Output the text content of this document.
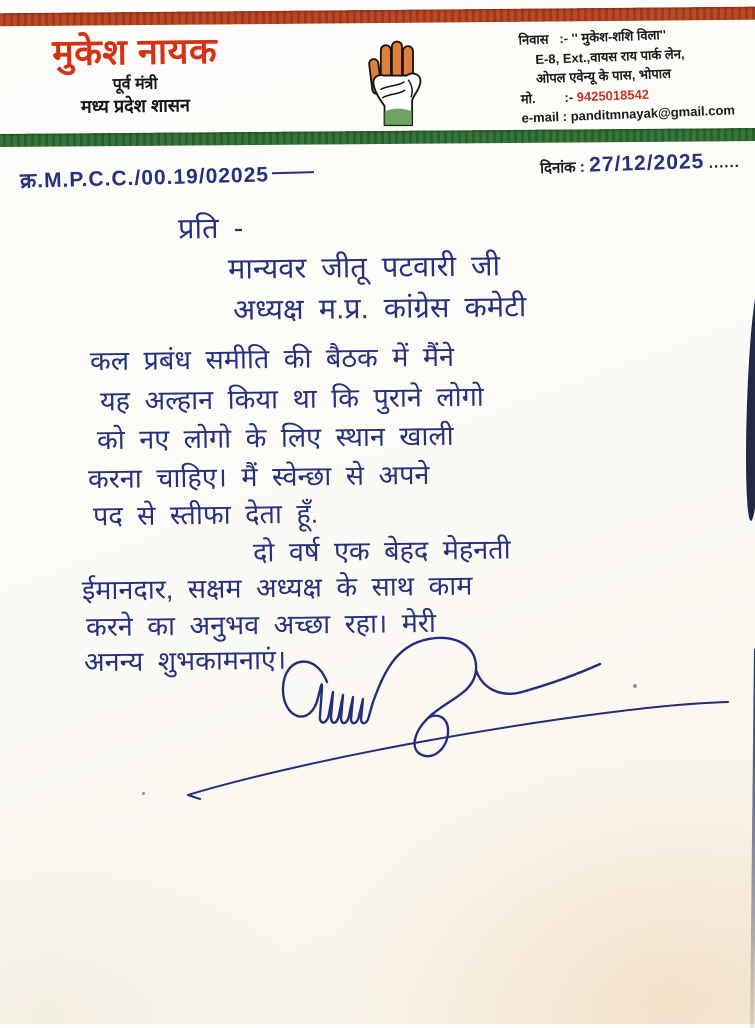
मुकेश नायक
पूर्व मंत्री
मध्य प्रदेश शासन
निवास   :- '' मुकेश-शशि विला''
E-8, Ext.,वायस राय पार्क लेन,
ओपल एवेन्यू के पास, भोपाल
मो.        :- 9425018542
e-mail : panditmnayak@gmail.com
क्र.M.P.C.C./00.19/02025	दिनांक : 27/12/2025 ......
प्रति -
मान्यवर जीतू पटवारी जी
अध्यक्ष म.प्र. कांग्रेस कमेटी
कल प्रबंध समीति की बैठक में मैंने
यह अल्हान किया था कि पुराने लोगो
को नए लोगो के लिए स्थान खाली
करना चाहिए। मैं स्वेन्छा से अपने
पद से स्तीफा देता हूँ.
दो वर्ष एक बेहद मेहनती
ईमानदार, सक्षम अध्यक्ष के साथ काम
करने का अनुभव अच्छा रहा। मेरी
अनन्य शुभकामनाएं।
